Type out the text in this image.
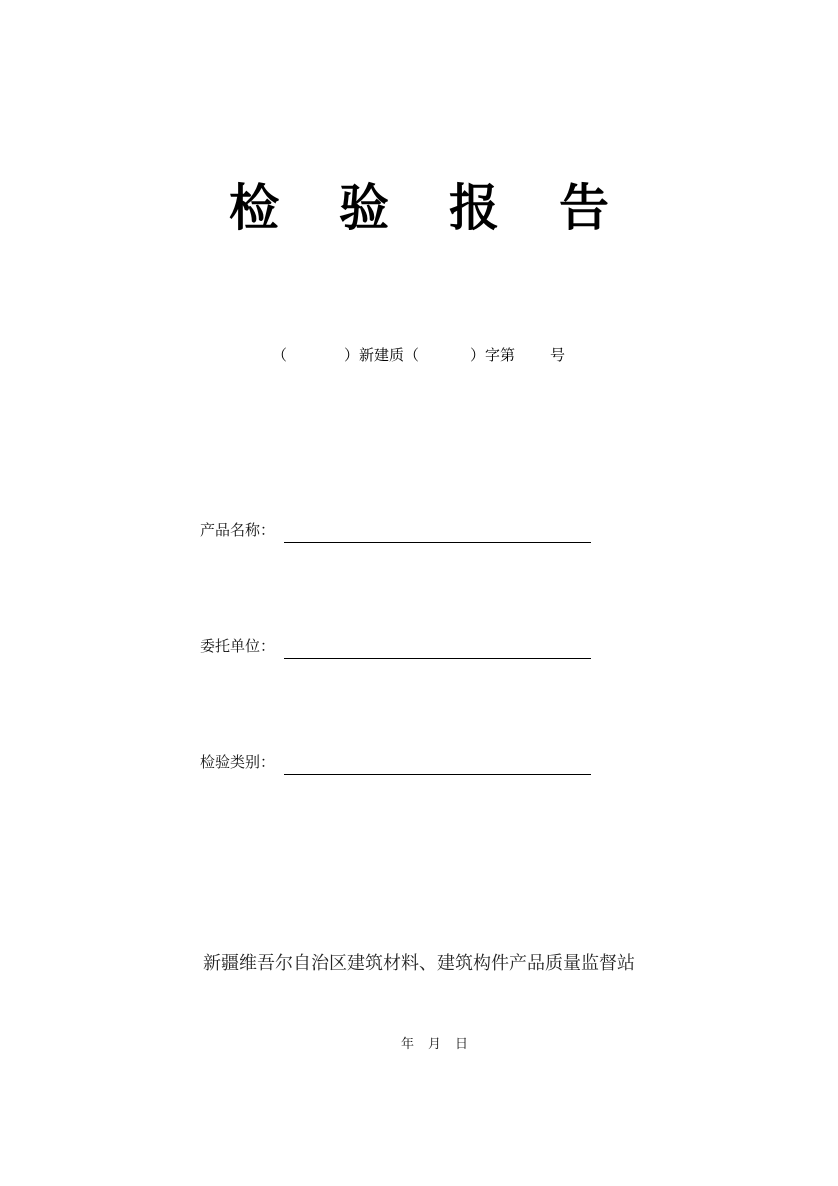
检 验 报 告
（	）新建质（	）字第 号
产品名称：
委托单位：
检验类别：
新疆维吾尔自治区建筑材料、建筑构件产品质量监督站
年 月 日
